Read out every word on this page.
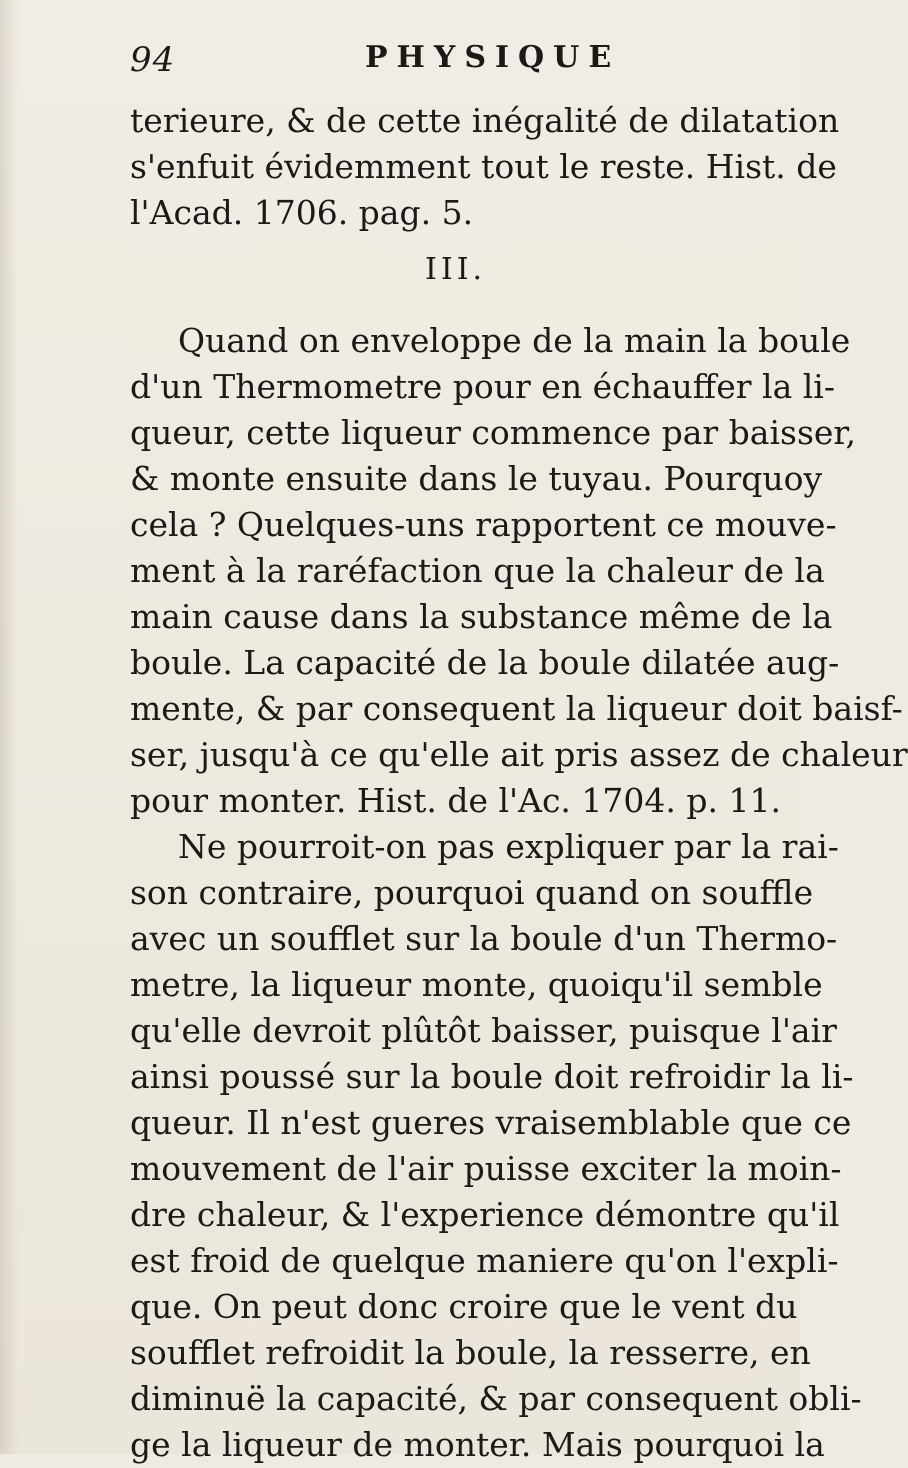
94	PHYSIQUE
terieure, & de cette inégalité de dilatation
s'enfuit évidemment tout le reste. Hist. de
l'Acad. 1706. pag. 5.
III.
Quand on enveloppe de la main la boule
d'un Thermometre pour en échauffer la li-
queur, cette liqueur commence par baisser,
& monte ensuite dans le tuyau. Pourquoy
cela ? Quelques-uns rapportent ce mouve-
ment à la raréfaction que la chaleur de la
main cause dans la substance même de la
boule. La capacité de la boule dilatée aug-
mente, & par consequent la liqueur doit baisf-
ser, jusqu'à ce qu'elle ait pris assez de chaleur
pour monter. Hist. de l'Ac. 1704. p. 11.
Ne pourroit-on pas expliquer par la rai-
son contraire, pourquoi quand on souffle
avec un soufflet sur la boule d'un Thermo-
metre, la liqueur monte, quoiqu'il semble
qu'elle devroit plûtôt baisser, puisque l'air
ainsi poussé sur la boule doit refroidir la li-
queur. Il n'est gueres vraisemblable que ce
mouvement de l'air puisse exciter la moin-
dre chaleur, & l'experience démontre qu'il
est froid de quelque maniere qu'on l'expli-
que. On peut donc croire que le vent du
soufflet refroidit la boule, la resserre, en
diminuë la capacité, & par consequent obli-
ge la liqueur de monter. Mais pourquoi la
